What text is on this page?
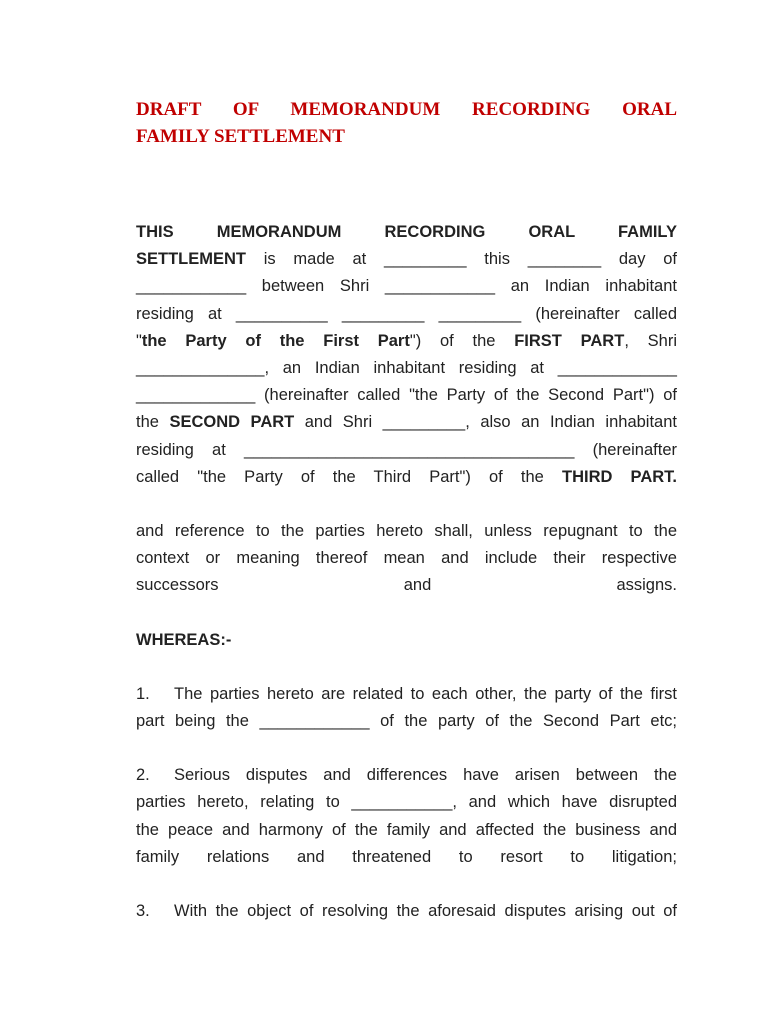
DRAFT OF MEMORANDUM RECORDING ORAL
FAMILY SETTLEMENT

THIS MEMORANDUM RECORDING ORAL FAMILY
SETTLEMENT is made at _________ this ________ day of
____________ between Shri ____________ an Indian inhabitant
residing at __________ _________ _________ (hereinafter called
"the Party of the First Part") of the FIRST PART, Shri
______________, an Indian inhabitant residing at _____________
_____________ (hereinafter called "the Party of the Second Part") of
the SECOND PART and Shri _________, also an Indian inhabitant
residing at ____________________________________ (hereinafter
called "the Party of the Third Part") of the THIRD PART.

and reference to the parties hereto shall, unless repugnant to the
context or meaning thereof mean and include their respective
successors and assigns.

WHEREAS:-

1. The parties hereto are related to each other, the party of the first
part being the ____________ of the party of the Second Part etc;

2. Serious disputes and differences have arisen between the
parties hereto, relating to ___________, and which have disrupted
the peace and harmony of the family and affected the business and
family relations and threatened to resort to litigation;

3. With the object of resolving the aforesaid disputes arising out of
